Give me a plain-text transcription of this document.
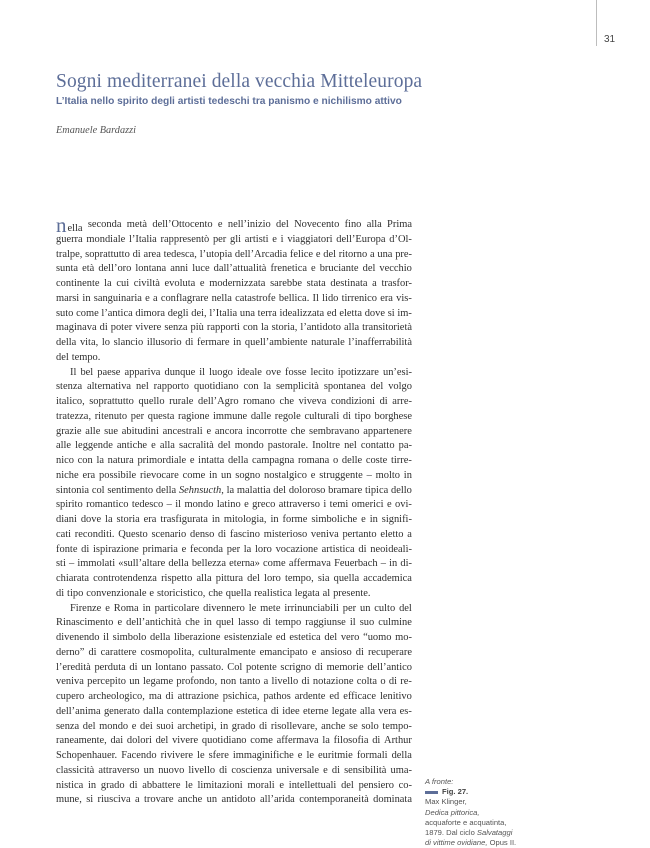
31
Sogni mediterranei della vecchia Mitteleuropa
L’Italia nello spirito degli artisti tedeschi tra panismo e nichilismo attivo
Emanuele Bardazzi
nella seconda metà dell’Ottocento e nell’inizio del Novecento fino alla Prima
guerra mondiale l’Italia rappresentò per gli artisti e i viaggiatori dell’Europa d’Ol-
tralpe, soprattutto di area tedesca, l’utopia dell’Arcadia felice e del ritorno a una pre-
sunta età dell’oro lontana anni luce dall’attualità frenetica e bruciante del vecchio
continente la cui civiltà evoluta e modernizzata sarebbe stata destinata a trasfor-
marsi in sanguinaria e a conflagrare nella catastrofe bellica. Il lido tirrenico era vis-
suto come l’antica dimora degli dei, l’Italia una terra idealizzata ed eletta dove si im-
maginava di poter vivere senza più rapporti con la storia, l’antidoto alla transitorietà
della vita, lo slancio illusorio di fermare in quell’ambiente naturale l’inafferrabilità
del tempo.
Il bel paese appariva dunque il luogo ideale ove fosse lecito ipotizzare un’esi-
stenza alternativa nel rapporto quotidiano con la semplicità spontanea del volgo
italico, soprattutto quello rurale dell’Agro romano che viveva condizioni di arre-
tratezza, ritenuto per questa ragione immune dalle regole culturali di tipo borghese
grazie alle sue abitudini ancestrali e ancora incorrotte che sembravano appartenere
alle leggende antiche e alla sacralità del mondo pastorale. Inoltre nel contatto pa-
nico con la natura primordiale e intatta della campagna romana o delle coste tirre-
niche era possibile rievocare come in un sogno nostalgico e struggente – molto in
sintonia col sentimento della Sehnsucth, la malattia del doloroso bramare tipica dello
spirito romantico tedesco – il mondo latino e greco attraverso i temi omerici e ovi-
diani dove la storia era trasfigurata in mitologia, in forme simboliche e in signifi-
cati reconditi. Questo scenario denso di fascino misterioso veniva pertanto eletto a
fonte di ispirazione primaria e feconda per la loro vocazione artistica di neoidealì-
sti – immolati «sull’altare della bellezza eterna» come affermava Feuerbach – in di-
chiarata controtendenza rispetto alla pittura del loro tempo, sia quella accademica
di tipo convenzionale e storicistico, che quella realistica legata al presente.
Firenze e Roma in particolare divennero le mete irrinunciabili per un culto del
Rinascimento e dell’antichità che in quel lasso di tempo raggiunse il suo culmine
divenendo il simbolo della liberazione esistenziale ed estetica del vero “uomo mo-
derno” di carattere cosmopolita, culturalmente emancipato e ansioso di recuperare
l’eredità perduta di un lontano passato. Col potente scrigno di memorie dell’antico
veniva percepito un legame profondo, non tanto a livello di notazione colta o di re-
cupero archeologico, ma di attrazione psichica, pathos ardente ed efficace lenitivo
dell’anima generato dalla contemplazione estetica di idee eterne legate alla vera es-
senza del mondo e dei suoi archetipi, in grado di risollevare, anche se solo tempo-
raneamente, dai dolori del vivere quotidiano come affermava la filosofia di Arthur
Schopenhauer. Facendo rivivere le sfere immaginifiche e le euritmie formali della
classicità attraverso un nuovo livello di coscienza universale e di sensibilità uma-
nistica in grado di abbattere le limitazioni morali e intellettuali del pensiero co-
mune, si riusciva a trovare anche un antidoto all’arida contemporaneità dominata
A fronte:
Fig. 27.
Max Klinger,
Dedica pittorica,
acquaforte e acquatinta,
1879. Dal ciclo Salvataggi
di vittime ovidiane, Opus II.
